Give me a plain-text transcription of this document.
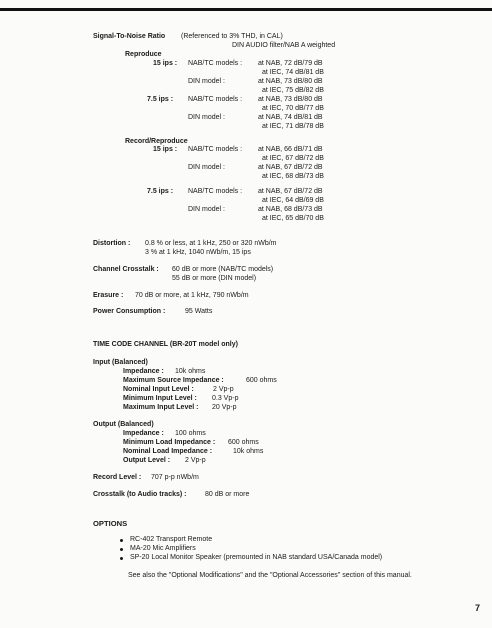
Signal-To-Noise Ratio (Referenced to 3% THD, in CAL)
DIN AUDIO filter/NAB A weighted
Reproduce
15 ips : NAB/TC models : at NAB, 72 dB/79 dB
at IEC, 74 dB/81 dB
DIN model :	at NAB, 73 dB/80 dB
at IEC, 75 dB/82 dB
7.5 ips : NAB/TC models : at NAB, 73 dB/80 dB
at IEC, 70 dB/77 dB
DIN model :	at NAB, 74 dB/81 dB
at IEC, 71 dB/78 dB
Record/Reproduce
15 ips : NAB/TC models : at NAB, 66 dB/71 dB
at IEC, 67 dB/72 dB
DIN model :	at NAB, 67 dB/72 dB
at IEC, 68 dB/73 dB
7.5 ips : NAB/TC models : at NAB, 67 dB/72 dB
at IEC, 64 dB/69 dB
DIN model :	at NAB, 68 dB/73 dB
at IEC, 65 dB/70 dB
Distortion : 0.8 % or less, at 1 kHz, 250 or 320 nWb/m
3 % at 1 kHz, 1040 nWb/m, 15 ips
Channel Crosstalk : 60 dB or more (NAB/TC models)
55 dB or more (DIN model)
Erasure : 70 dB or more, at 1 kHz, 790 nWb/m
Power Consumption :	95 Watts
TIME CODE CHANNEL (BR-20T model only)
Input (Balanced)
Impedance : 10k ohms
Maximum Source Impedance :	600 ohms
Nominal Input Level :	2 Vp-p
Minimum Input Level : 0.3 Vp-p
Maximum Input Level : 20 Vp-p
Output (Balanced)
Impedance : 100 ohms
Minimum Load Impedance : 600 ohms
Nominal Load Impedance :	10k ohms
Output Level : 2 Vp-p
Record Level : 707 p-p nWb/m
Crosstalk (to Audio tracks) :	80 dB or more
OPTIONS
RC-402 Transport Remote
MA-20 Mic Amplifiers
SP-20 Local Monitor Speaker (premounted in NAB standard USA/Canada model)
See also the "Optional Modifications" and the "Optional Accessories" section of this manual.
7
